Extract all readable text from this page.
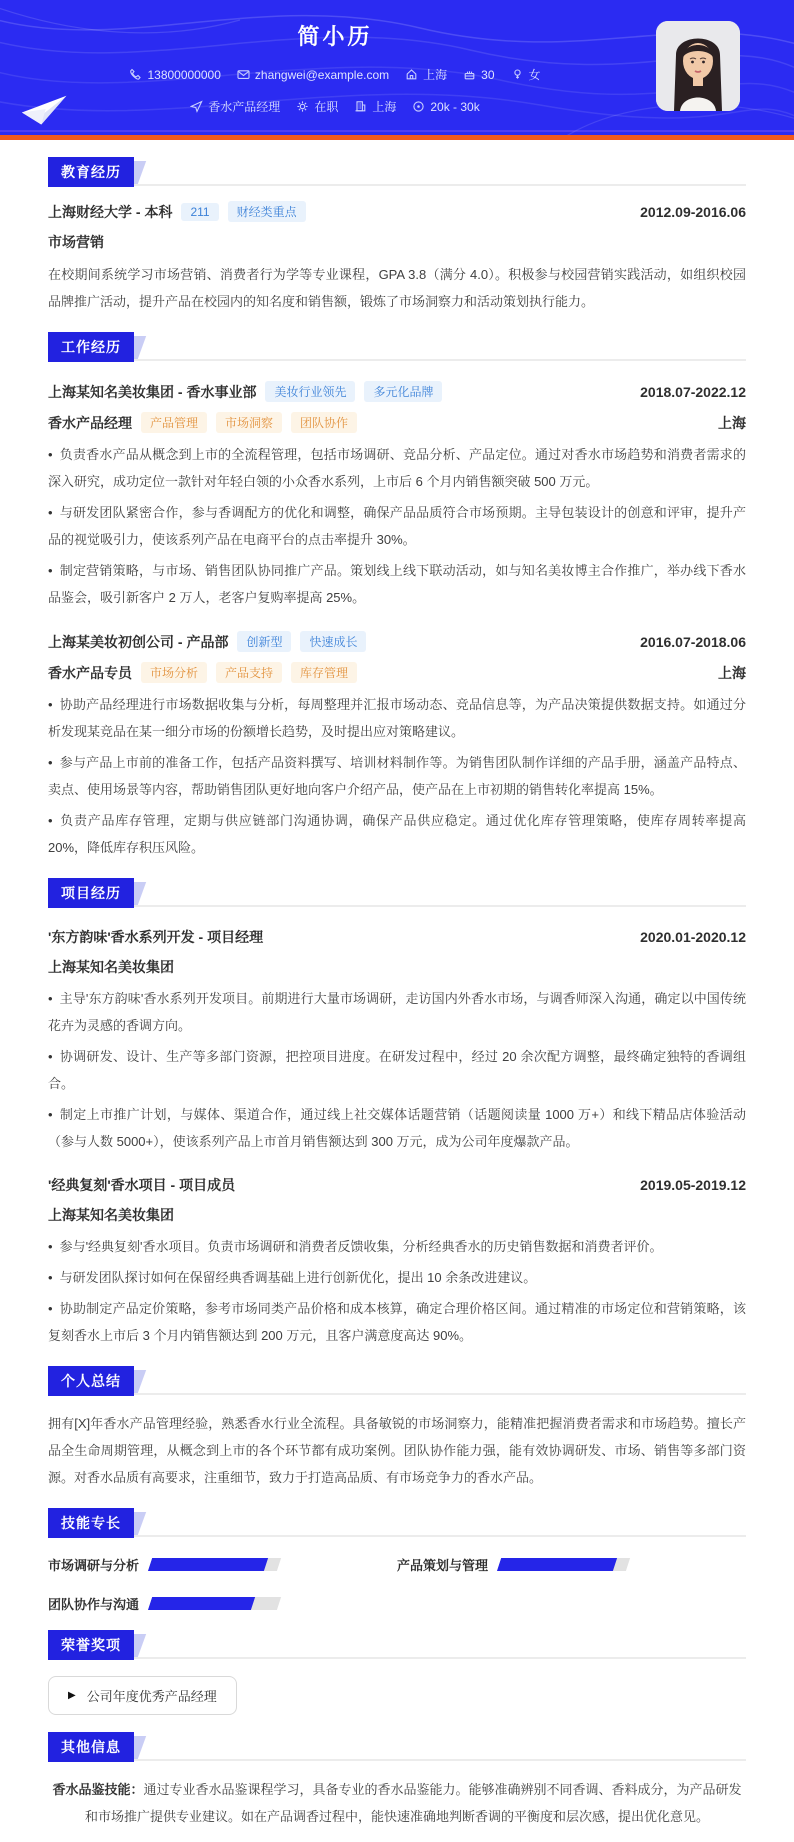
简小历
13800000000	zhangwei@example.com	上海	30	女
香水产品经理	在职	上海	20k - 30k
教育经历
上海财经大学 - 本科	211	财经类重点	2012.09-2016.06
市场营销
在校期间系统学习市场营销、消费者行为学等专业课程，GPA 3.8（满分 4.0）。积极参与校园营销实践活动，如组织校园品牌推广活动，提升产品在校园内的知名度和销售额，锻炼了市场洞察力和活动策划执行能力。
工作经历
上海某知名美妆集团 - 香水事业部	美妆行业领先	多元化品牌	2018.07-2022.12
香水产品经理	产品管理	市场洞察	团队协作	上海
• 负责香水产品从概念到上市的全流程管理，包括市场调研、竞品分析、产品定位。通过对香水市场趋势和消费者需求的深入研究，成功定位一款针对年轻白领的小众香水系列，上市后 6 个月内销售额突破 500 万元。
• 与研发团队紧密合作，参与香调配方的优化和调整，确保产品品质符合市场预期。主导包装设计的创意和评审，提升产品的视觉吸引力，使该系列产品在电商平台的点击率提升 30%。
• 制定营销策略，与市场、销售团队协同推广产品。策划线上线下联动活动，如与知名美妆博主合作推广，举办线下香水品鉴会，吸引新客户 2 万人，老客户复购率提高 25%。
上海某美妆初创公司 - 产品部	创新型	快速成长	2016.07-2018.06
香水产品专员	市场分析	产品支持	库存管理	上海
• 协助产品经理进行市场数据收集与分析，每周整理并汇报市场动态、竞品信息等，为产品决策提供数据支持。如通过分析发现某竞品在某一细分市场的份额增长趋势，及时提出应对策略建议。
• 参与产品上市前的准备工作，包括产品资料撰写、培训材料制作等。为销售团队制作详细的产品手册，涵盖产品特点、卖点、使用场景等内容，帮助销售团队更好地向客户介绍产品，使产品在上市初期的销售转化率提高 15%。
• 负责产品库存管理，定期与供应链部门沟通协调，确保产品供应稳定。通过优化库存管理策略，使库存周转率提高 20%，降低库存积压风险。
项目经历
'东方韵味'香水系列开发 - 项目经理	2020.01-2020.12
上海某知名美妆集团
• 主导'东方韵味'香水系列开发项目。前期进行大量市场调研，走访国内外香水市场，与调香师深入沟通，确定以中国传统花卉为灵感的香调方向。
• 协调研发、设计、生产等多部门资源，把控项目进度。在研发过程中，经过 20 余次配方调整，最终确定独特的香调组合。
• 制定上市推广计划，与媒体、渠道合作，通过线上社交媒体话题营销（话题阅读量 1000 万+）和线下精品店体验活动（参与人数 5000+），使该系列产品上市首月销售额达到 300 万元，成为公司年度爆款产品。
'经典复刻'香水项目 - 项目成员	2019.05-2019.12
上海某知名美妆集团
• 参与'经典复刻'香水项目。负责市场调研和消费者反馈收集，分析经典香水的历史销售数据和消费者评价。
• 与研发团队探讨如何在保留经典香调基础上进行创新优化，提出 10 余条改进建议。
• 协助制定产品定价策略，参考市场同类产品价格和成本核算，确定合理价格区间。通过精准的市场定位和营销策略，该复刻香水上市后 3 个月内销售额达到 200 万元，且客户满意度高达 90%。
个人总结
拥有[X]年香水产品管理经验，熟悉香水行业全流程。具备敏锐的市场洞察力，能精准把握消费者需求和市场趋势。擅长产品全生命周期管理，从概念到上市的各个环节都有成功案例。团队协作能力强，能有效协调研发、市场、销售等多部门资源。对香水品质有高要求，注重细节，致力于打造高品质、有市场竞争力的香水产品。
技能专长
市场调研与分析	产品策划与管理
团队协作与沟通
荣誉奖项
▶ 公司年度优秀产品经理
其他信息
香水品鉴技能：通过专业香水品鉴课程学习，具备专业的香水品鉴能力。能够准确辨别不同香调、香料成分，为产品研发和市场推广提供专业建议。如在产品调香过程中，能快速准确地判断香调的平衡度和层次感，提出优化意见。
